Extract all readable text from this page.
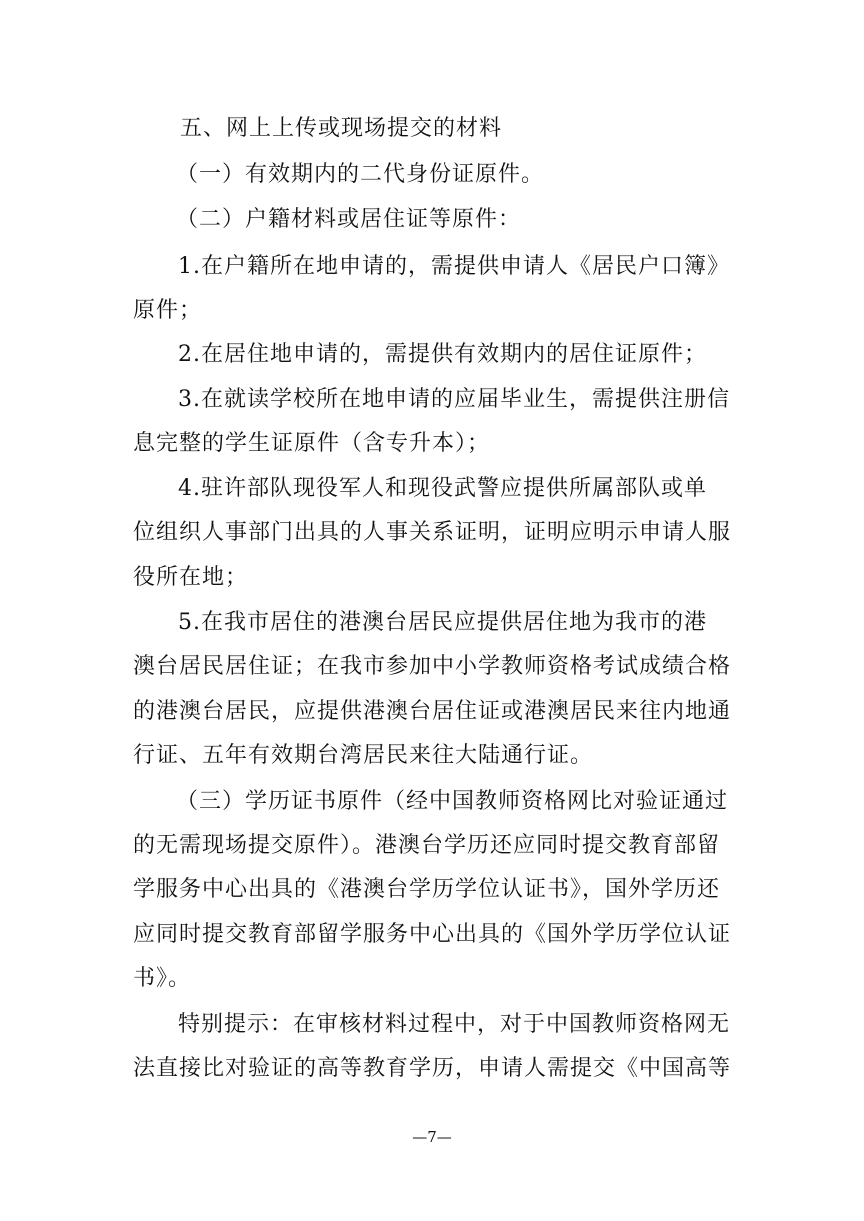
五、网上上传或现场提交的材料
（一）有效期内的二代身份证原件。
（二）户籍材料或居住证等原件：
1.在户籍所在地申请的，需提供申请人《居民户口簿》
原件；
2.在居住地申请的，需提供有效期内的居住证原件；
3.在就读学校所在地申请的应届毕业生，需提供注册信
息完整的学生证原件（含专升本）；
4.驻许部队现役军人和现役武警应提供所属部队或单
位组织人事部门出具的人事关系证明，证明应明示申请人服
役所在地；
5.在我市居住的港澳台居民应提供居住地为我市的港
澳台居民居住证；在我市参加中小学教师资格考试成绩合格
的港澳台居民，应提供港澳台居住证或港澳居民来往内地通
行证、五年有效期台湾居民来往大陆通行证。
（三）学历证书原件（经中国教师资格网比对验证通过
的无需现场提交原件）。港澳台学历还应同时提交教育部留
学服务中心出具的《港澳台学历学位认证书》，国外学历还
应同时提交教育部留学服务中心出具的《国外学历学位认证
书》。
特别提示：在审核材料过程中，对于中国教师资格网无
法直接比对验证的高等教育学历，申请人需提交《中国高等
—7—
